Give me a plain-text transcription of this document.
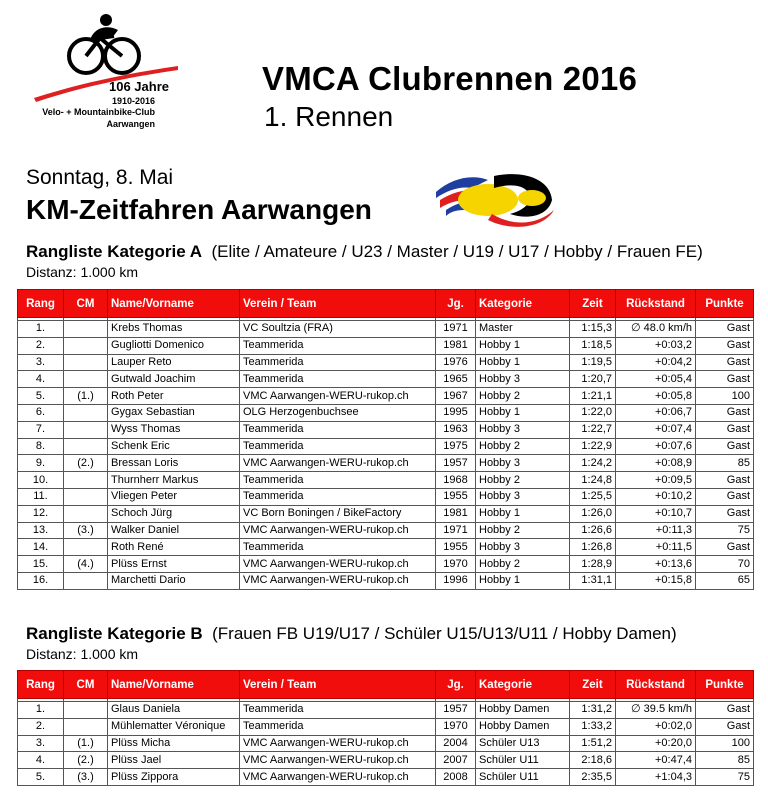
106 Jahre
1910-2016
Velo- + Mountainbike-Club
Aarwangen
VMCA Clubrennen 2016
1. Rennen
Sonntag, 8. Mai
KM-Zeitfahren Aarwangen
Rangliste Kategorie A (Elite / Amateure / U23 / Master / U19 / U17 / Hobby / Frauen FE)
Distanz: 1.000 km
Rang	CM	Name/Vorname	Verein / Team	Jg.	Kategorie	Zeit	Rückstand	Punkte

1.		Krebs Thomas	VC Soultzia (FRA)	1971	Master	1:15,3	∅ 48.0 km/h	Gast
2.		Gugliotti Domenico	Teammerida	1981	Hobby 1	1:18,5	+0:03,2	Gast
3.		Lauper Reto	Teammerida	1976	Hobby 1	1:19,5	+0:04,2	Gast
4.		Gutwald Joachim	Teammerida	1965	Hobby 3	1:20,7	+0:05,4	Gast
5.	(1.)	Roth Peter	VMC Aarwangen-WERU-rukop.ch	1967	Hobby 2	1:21,1	+0:05,8	100
6.		Gygax Sebastian	OLG Herzogenbuchsee	1995	Hobby 1	1:22,0	+0:06,7	Gast
7.		Wyss Thomas	Teammerida	1963	Hobby 3	1:22,7	+0:07,4	Gast
8.		Schenk Eric	Teammerida	1975	Hobby 2	1:22,9	+0:07,6	Gast
9.	(2.)	Bressan Loris	VMC Aarwangen-WERU-rukop.ch	1957	Hobby 3	1:24,2	+0:08,9	85
10.		Thurnherr Markus	Teammerida	1968	Hobby 2	1:24,8	+0:09,5	Gast
11.		Vliegen Peter	Teammerida	1955	Hobby 3	1:25,5	+0:10,2	Gast
12.		Schoch Jürg	VC Born Boningen / BikeFactory	1981	Hobby 1	1:26,0	+0:10,7	Gast
13.	(3.)	Walker Daniel	VMC Aarwangen-WERU-rukop.ch	1971	Hobby 2	1:26,6	+0:11,3	75
14.		Roth René	Teammerida	1955	Hobby 3	1:26,8	+0:11,5	Gast
15.	(4.)	Plüss Ernst	VMC Aarwangen-WERU-rukop.ch	1970	Hobby 2	1:28,9	+0:13,6	70
16.		Marchetti Dario	VMC Aarwangen-WERU-rukop.ch	1996	Hobby 1	1:31,1	+0:15,8	65
Rangliste Kategorie B (Frauen FB U19/U17 / Schüler U15/U13/U11 / Hobby Damen)
Distanz: 1.000 km
Rang	CM	Name/Vorname	Verein / Team	Jg.	Kategorie	Zeit	Rückstand	Punkte

1.		Glaus Daniela	Teammerida	1957	Hobby Damen	1:31,2	∅ 39.5 km/h	Gast
2.		Mühlematter Véronique	Teammerida	1970	Hobby Damen	1:33,2	+0:02,0	Gast
3.	(1.)	Plüss Micha	VMC Aarwangen-WERU-rukop.ch	2004	Schüler U13	1:51,2	+0:20,0	100
4.	(2.)	Plüss Jael	VMC Aarwangen-WERU-rukop.ch	2007	Schüler U11	2:18,6	+0:47,4	85
5.	(3.)	Plüss Zippora	VMC Aarwangen-WERU-rukop.ch	2008	Schüler U11	2:35,5	+1:04,3	75
